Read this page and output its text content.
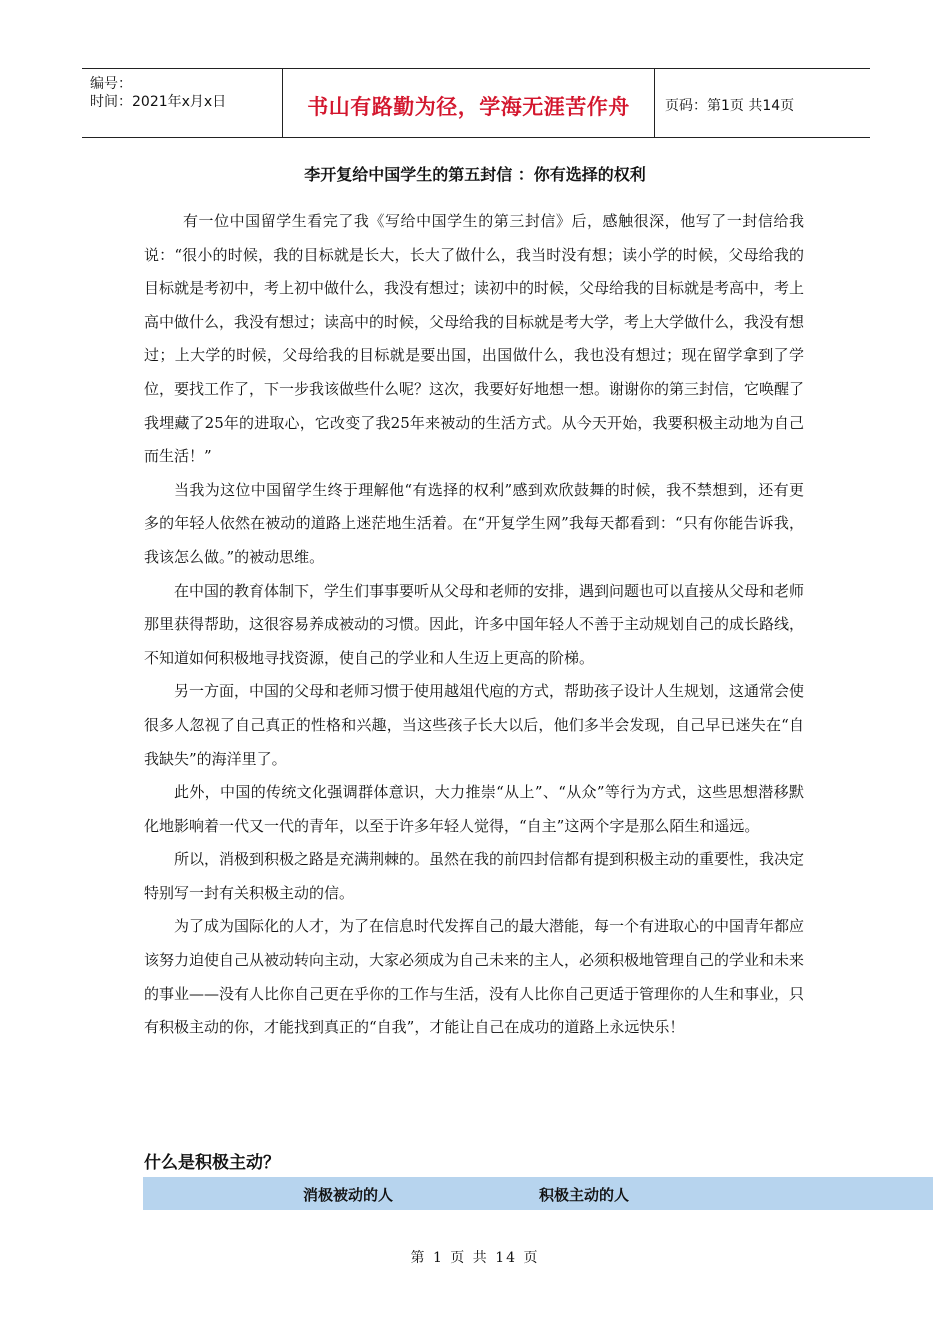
编号：
时间：2021年x月x日	书山有路勤为径，学海无涯苦作舟	页码：第1页 共14页
李开复给中国学生的第五封信 ：你有选择的权利

有一位中国留学生看完了我《写给中国学生的第三封信》后，感触很深，他写了一封信给我说：“很小的时候，我的目标就是长大，长大了做什么，我当时没有想；读小学的时候，父母给我的目标就是考初中，考上初中做什么，我没有想过；读初中的时候，父母给我的目标就是考高中，考上高中做什么，我没有想过；读高中的时候，父母给我的目标就是考大学，考上大学做什么，我没有想过；上大学的时候，父母给我的目标就是要出国，出国做什么，我也没有想过；现在留学拿到了学位，要找工作了，下一步我该做些什么呢？这次，我要好好地想一想。谢谢你的第三封信，它唤醒了我埋藏了25年的进取心，它改变了我25年来被动的生活方式。从今天开始，我要积极主动地为自己而生活！”

当我为这位中国留学生终于理解他“有选择的权利”感到欢欣鼓舞的时候，我不禁想到，还有更多的年轻人依然在被动的道路上迷茫地生活着。在“开复学生网”我每天都看到：“只有你能告诉我，我该怎么做。”的被动思维。

在中国的教育体制下，学生们事事要听从父母和老师的安排，遇到问题也可以直接从父母和老师那里获得帮助，这很容易养成被动的习惯。因此，许多中国年轻人不善于主动规划自己的成长路线，不知道如何积极地寻找资源，使自己的学业和人生迈上更高的阶梯。

另一方面，中国的父母和老师习惯于使用越俎代庖的方式，帮助孩子设计人生规划，这通常会使很多人忽视了自己真正的性格和兴趣，当这些孩子长大以后，他们多半会发现，自己早已迷失在“自我缺失”的海洋里了。

此外，中国的传统文化强调群体意识，大力推崇“从上”、“从众”等行为方式，这些思想潜移默化地影响着一代又一代的青年，以至于许多年轻人觉得，“自主”这两个字是那么陌生和遥远。

所以，消极到积极之路是充满荆棘的。虽然在我的前四封信都有提到积极主动的重要性，我决定特别写一封有关积极主动的信。

为了成为国际化的人才，为了在信息时代发挥自己的最大潜能，每一个有进取心的中国青年都应该努力迫使自己从被动转向主动，大家必须成为自己未来的主人，必须积极地管理自己的学业和未来的事业——没有人比你自己更在乎你的工作与生活，没有人比你自己更适于管理你的人生和事业，只有积极主动的你，才能找到真正的“自我”，才能让自己在成功的道路上永远快乐！

什么是积极主动？
消极被动的人	积极主动的人
第 1 页 共 14 页
